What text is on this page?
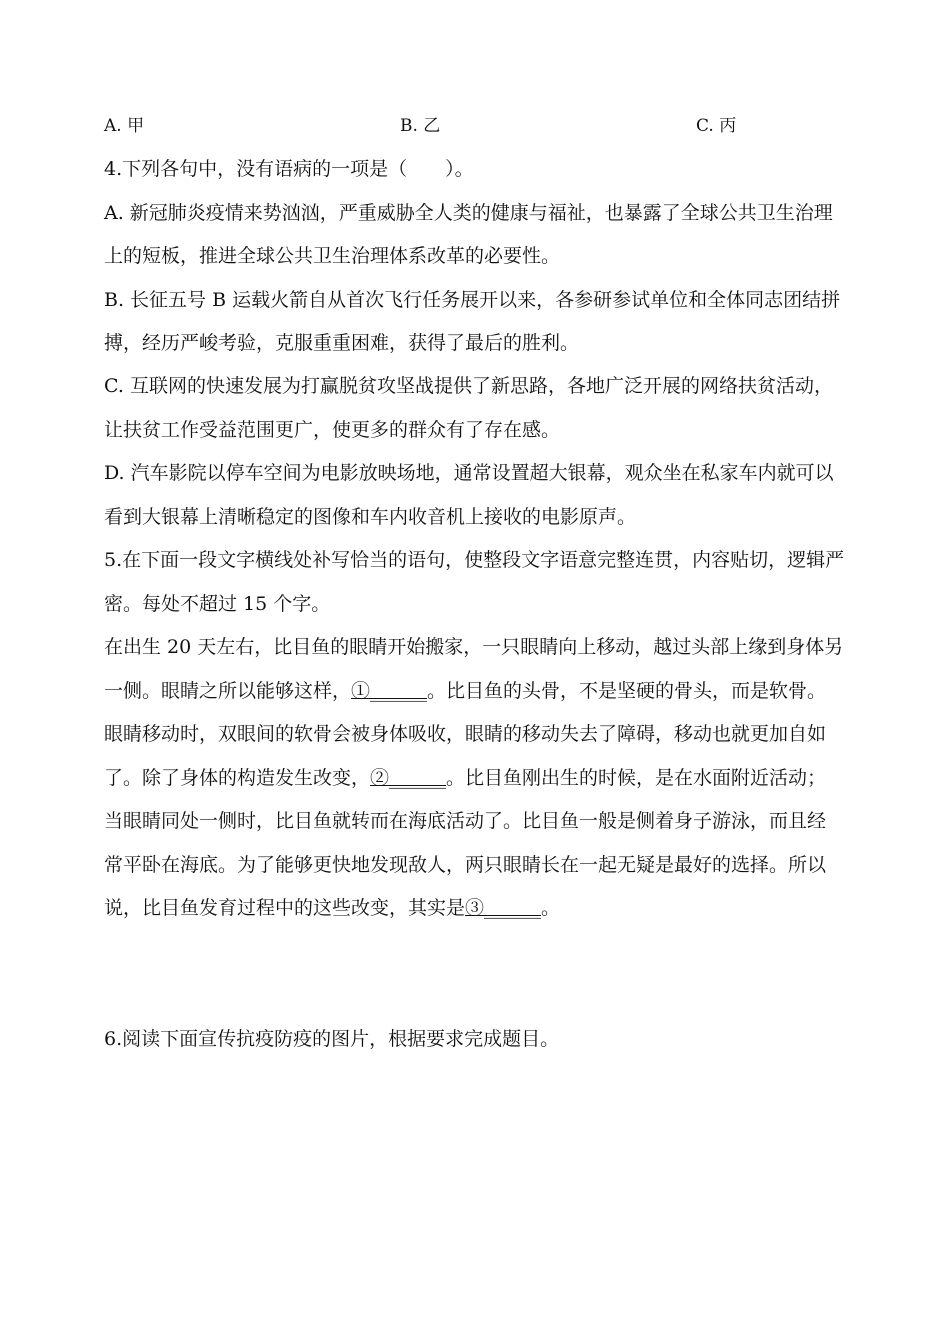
A. 甲	B. 乙	C. 丙
4.下列各句中，没有语病的一项是（　　）。
A. 新冠肺炎疫情来势汹汹，严重威胁全人类的健康与福祉，也暴露了全球公共卫生治理
上的短板，推进全球公共卫生治理体系改革的必要性。
B. 长征五号 B 运载火箭自从首次飞行任务展开以来，各参研参试单位和全体同志团结拼
搏，经历严峻考验，克服重重困难，获得了最后的胜利。
C. 互联网的快速发展为打赢脱贫攻坚战提供了新思路，各地广泛开展的网络扶贫活动，
让扶贫工作受益范围更广，使更多的群众有了存在感。
D. 汽车影院以停车空间为电影放映场地，通常设置超大银幕，观众坐在私家车内就可以
看到大银幕上清晰稳定的图像和车内收音机上接收的电影原声。
5.在下面一段文字横线处补写恰当的语句，使整段文字语意完整连贯，内容贴切，逻辑严
密。每处不超过 15 个字。
在出生 20 天左右，比目鱼的眼睛开始搬家，一只眼睛向上移动，越过头部上缘到身体另
一侧。眼睛之所以能够这样，①______。比目鱼的头骨，不是坚硬的骨头，而是软骨。
眼睛移动时，双眼间的软骨会被身体吸收，眼睛的移动失去了障碍，移动也就更加自如
了。除了身体的构造发生改变，②______。比目鱼刚出生的时候，是在水面附近活动；
当眼睛同处一侧时，比目鱼就转而在海底活动了。比目鱼一般是侧着身子游泳，而且经
常平卧在海底。为了能够更快地发现敌人，两只眼睛长在一起无疑是最好的选择。所以
说，比目鱼发育过程中的这些改变，其实是③______。
6.阅读下面宣传抗疫防疫的图片，根据要求完成题目。
